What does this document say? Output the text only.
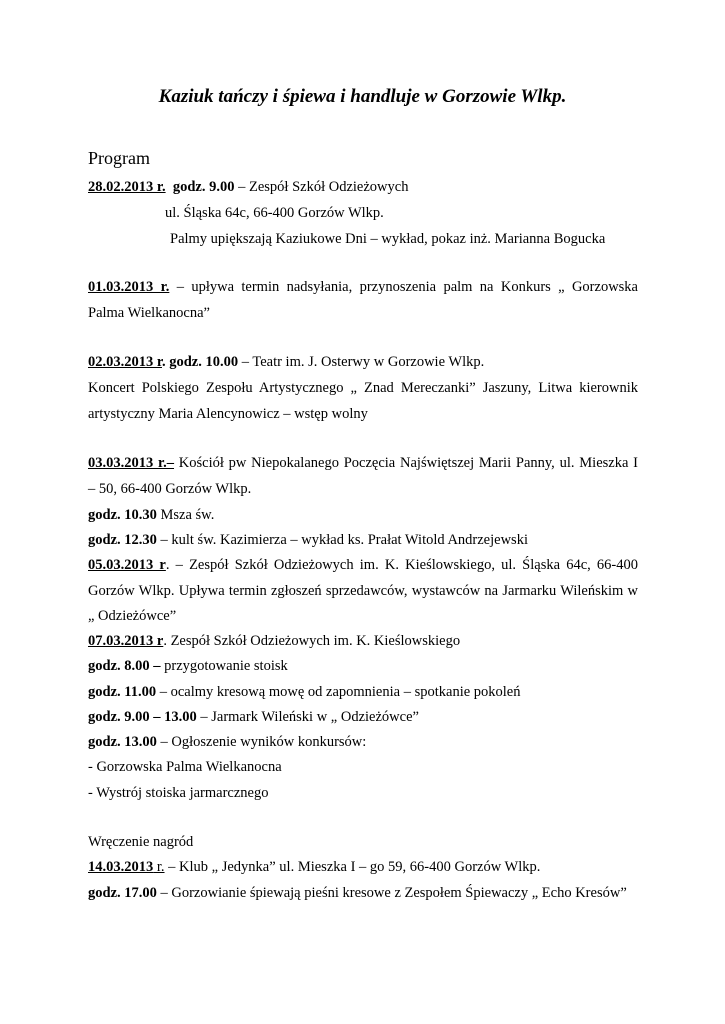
Kaziuk tańczy i śpiewa i handluje w Gorzowie Wlkp.
Program
28.02.2013 r. godz. 9.00 – Zespół Szkół Odzieżowych
ul. Śląska 64c, 66-400 Gorzów Wlkp.
Palmy upiększają Kaziukowe Dni – wykład, pokaz inż. Marianna Bogucka
01.03.2013 r. – upływa termin nadsyłania, przynoszenia palm na Konkurs „ Gorzowska
Palma Wielkanocna”
02.03.2013 r. godz. 10.00 – Teatr im. J. Osterwy w Gorzowie Wlkp.
Koncert Polskiego Zespołu Artystycznego „ Znad Mereczanki” Jaszuny, Litwa kierownik
artystyczny Maria Alencynowicz – wstęp wolny
03.03.2013 r.– Kościół pw Niepokalanego Poczęcia Najświętszej Marii Panny, ul. Mieszka I
– 50, 66-400 Gorzów Wlkp.
godz. 10.30 Msza św.
godz. 12.30 – kult św. Kazimierza – wykład ks. Prałat Witold Andrzejewski
05.03.2013 r. – Zespół Szkół Odzieżowych im. K. Kieślowskiego, ul. Śląska 64c, 66-400
Gorzów Wlkp. Upływa termin zgłoszeń sprzedawców, wystawców na Jarmarku Wileńskim w
„ Odzieżówce”
07.03.2013 r. Zespół Szkół Odzieżowych im. K. Kieślowskiego
godz. 8.00 – przygotowanie stoisk
godz. 11.00 – ocalmy kresową mowę od zapomnienia – spotkanie pokoleń
godz. 9.00 – 13.00 – Jarmark Wileński w „ Odzieżówce”
godz. 13.00 – Ogłoszenie wyników konkursów:
- Gorzowska Palma Wielkanocna
- Wystrój stoiska jarmarcznego
Wręczenie nagród
14.03.2013 r. – Klub „ Jedynka” ul. Mieszka I – go 59, 66-400 Gorzów Wlkp.
godz. 17.00 – Gorzowianie śpiewają pieśni kresowe z Zespołem Śpiewaczy „ Echo Kresów”
